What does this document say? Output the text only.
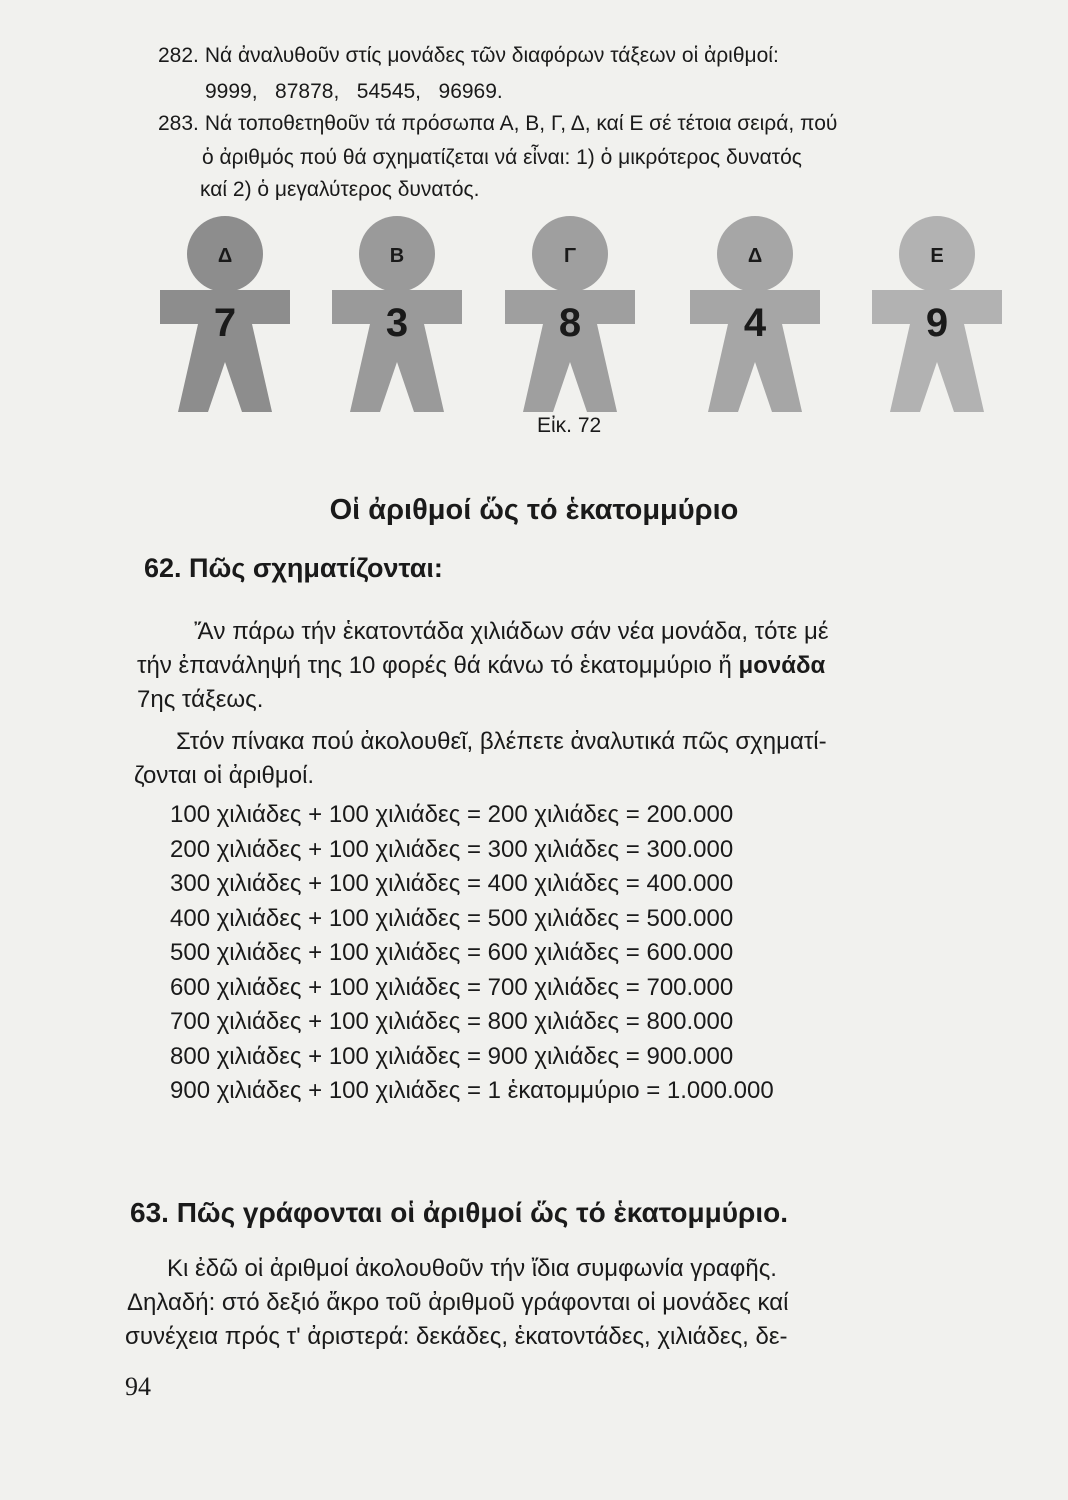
282. Νά ἀναλυθοῦν στίς μονάδες τῶν διαφόρων τάξεων οἱ ἀριθμοί:
9999,   87878,   54545,   96969.
283. Νά τοποθετηθοῦν τά πρόσωπα Α, Β, Γ, Δ, καί Ε σέ τέτοια σειρά, πού
ὁ ἀριθμός πού θά σχηματίζεται νά εἶναι: 1) ὁ μικρότερος δυνατός
καί 2) ὁ μεγαλύτερος δυνατός.
Δ
7
Β
3
Γ
8
Δ
4
Ε
9
Εἰκ. 72
Οἱ ἀριθμοί ὥς τό ἑκατομμύριο
62. Πῶς σχηματίζονται:
Ἄν πάρω τήν ἑκατοντάδα χιλιάδων σάν νέα μονάδα, τότε μέ
τήν ἐπανάληψή της 10 φορές θά κάνω τό ἑκατομμύριο ἤ μονάδα
7ης τάξεως.
Στόν πίνακα πού ἀκολουθεῖ, βλέπετε ἀναλυτικά πῶς σχηματί-
ζονται οἱ ἀριθμοί.
100 χιλιάδες + 100 χιλιάδες = 200 χιλιάδες = 200.000
200 χιλιάδες + 100 χιλιάδες = 300 χιλιάδες = 300.000
300 χιλιάδες + 100 χιλιάδες = 400 χιλιάδες = 400.000
400 χιλιάδες + 100 χιλιάδες = 500 χιλιάδες = 500.000
500 χιλιάδες + 100 χιλιάδες = 600 χιλιάδες = 600.000
600 χιλιάδες + 100 χιλιάδες = 700 χιλιάδες = 700.000
700 χιλιάδες + 100 χιλιάδες = 800 χιλιάδες = 800.000
800 χιλιάδες + 100 χιλιάδες = 900 χιλιάδες = 900.000
900 χιλιάδες + 100 χιλιάδες = 1 ἑκατομμύριο = 1.000.000
63. Πῶς γράφονται οἱ ἀριθμοί ὥς τό ἑκατομμύριο.
Κι ἐδῶ οἱ ἀριθμοί ἀκολουθοῦν τήν ἴδια συμφωνία γραφῆς.
Δηλαδή: στό δεξιό ἄκρο τοῦ ἀριθμοῦ γράφονται οἱ μονάδες καί
συνέχεια πρός τ' ἀριστερά: δεκάδες, ἑκατοντάδες, χιλιάδες, δε-
94
